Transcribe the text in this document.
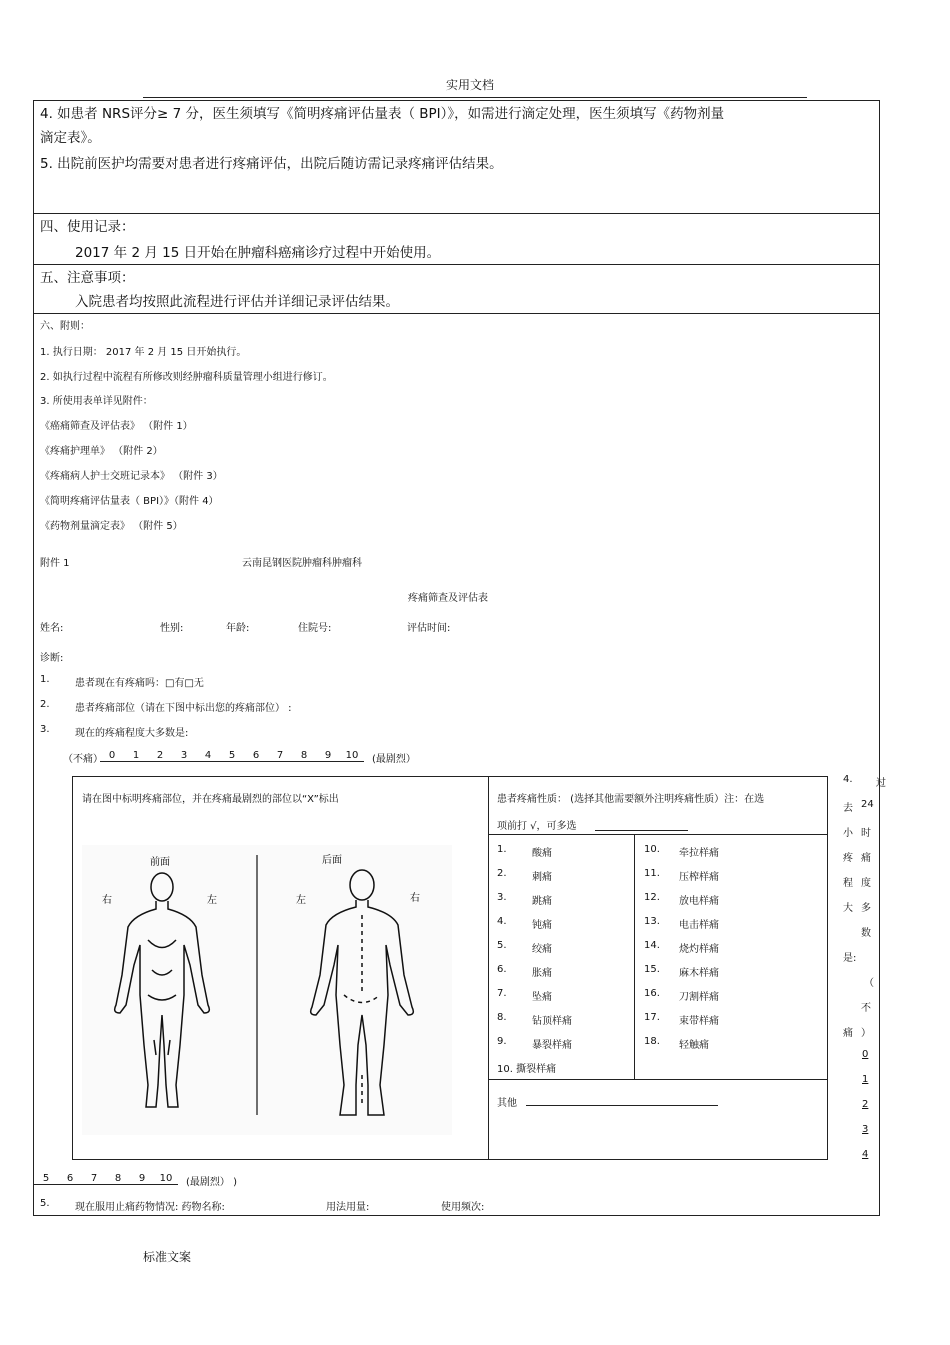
实用文档
4. 如患者 NRS评分≥ 7 分，医生须填写《简明疼痛评估量表（ BPI）》，如需进行滴定处理，医生须填写《药物剂量
滴定表》。
5. 出院前医护均需要对患者进行疼痛评估，出院后随访需记录疼痛评估结果。
四、使用记录：
2017 年 2 月 15 日开始在肿瘤科癌痛诊疗过程中开始使用。
五、注意事项：
入院患者均按照此流程进行评估并详细记录评估结果。
六、附则：
1. 执行日期： 2017 年 2 月 15 日开始执行。
2. 如执行过程中流程有所修改则经肿瘤科质量管理小组进行修订。
3. 所使用表单详见附件：
《癌痛筛查及评估表》 （附件 1）
《疼痛护理单》 （附件 2）
《疼痛病人护士交班记录本》 （附件 3）
《简明疼痛评估量表（ BPI）》（附件 4）
《药物剂量滴定表》 （附件 5）
附件 1	云南昆钢医院肿瘤科肿瘤科
疼痛筛查及评估表
姓名:	性别:	年龄:	住院号:	评估时间:
诊断:
1.	患者现在有疼痛吗：□有□无
2.	患者疼痛部位（请在下图中标出您的疼痛部位） :
3.	现在的疼痛程度大多数是:
（不痛） 0 1 2 3 4 5 6 7 8 9 10	(最剧烈）
请在图中标明疼痛部位，并在疼痛最剧烈的部位以“X”标出
前面	后面
右	左	左	右
患者疼痛性质： (选择其他需要额外注明疼痛性质）注：在选
项前打 √，可多选
1.	酸痛
2.	刺痛
3.	跳痛
4.	钝痛
5.	绞痛
6.	胀痛
7.	坠痛
8.	钻顶样痛
9.	暴裂样痛
10. 牵拉样痛
11. 压榨样痛
12. 放电样痛
13. 电击样痛
14. 烧灼样痛
15. 麻木样痛
16. 刀割样痛
17. 束带样痛
18. 轻触痛
10. 撕裂样痛
其他
4. 过
去 24
小 时
疼 痛
程 度
大 多
数
是:
（
不
痛 ）
0
1
2
3
4
5 6 7 8 9 10	(最剧烈） )
5.	现在服用止痛药物情况: 药物名称:	用法用量:	使用频次:
标准文案
